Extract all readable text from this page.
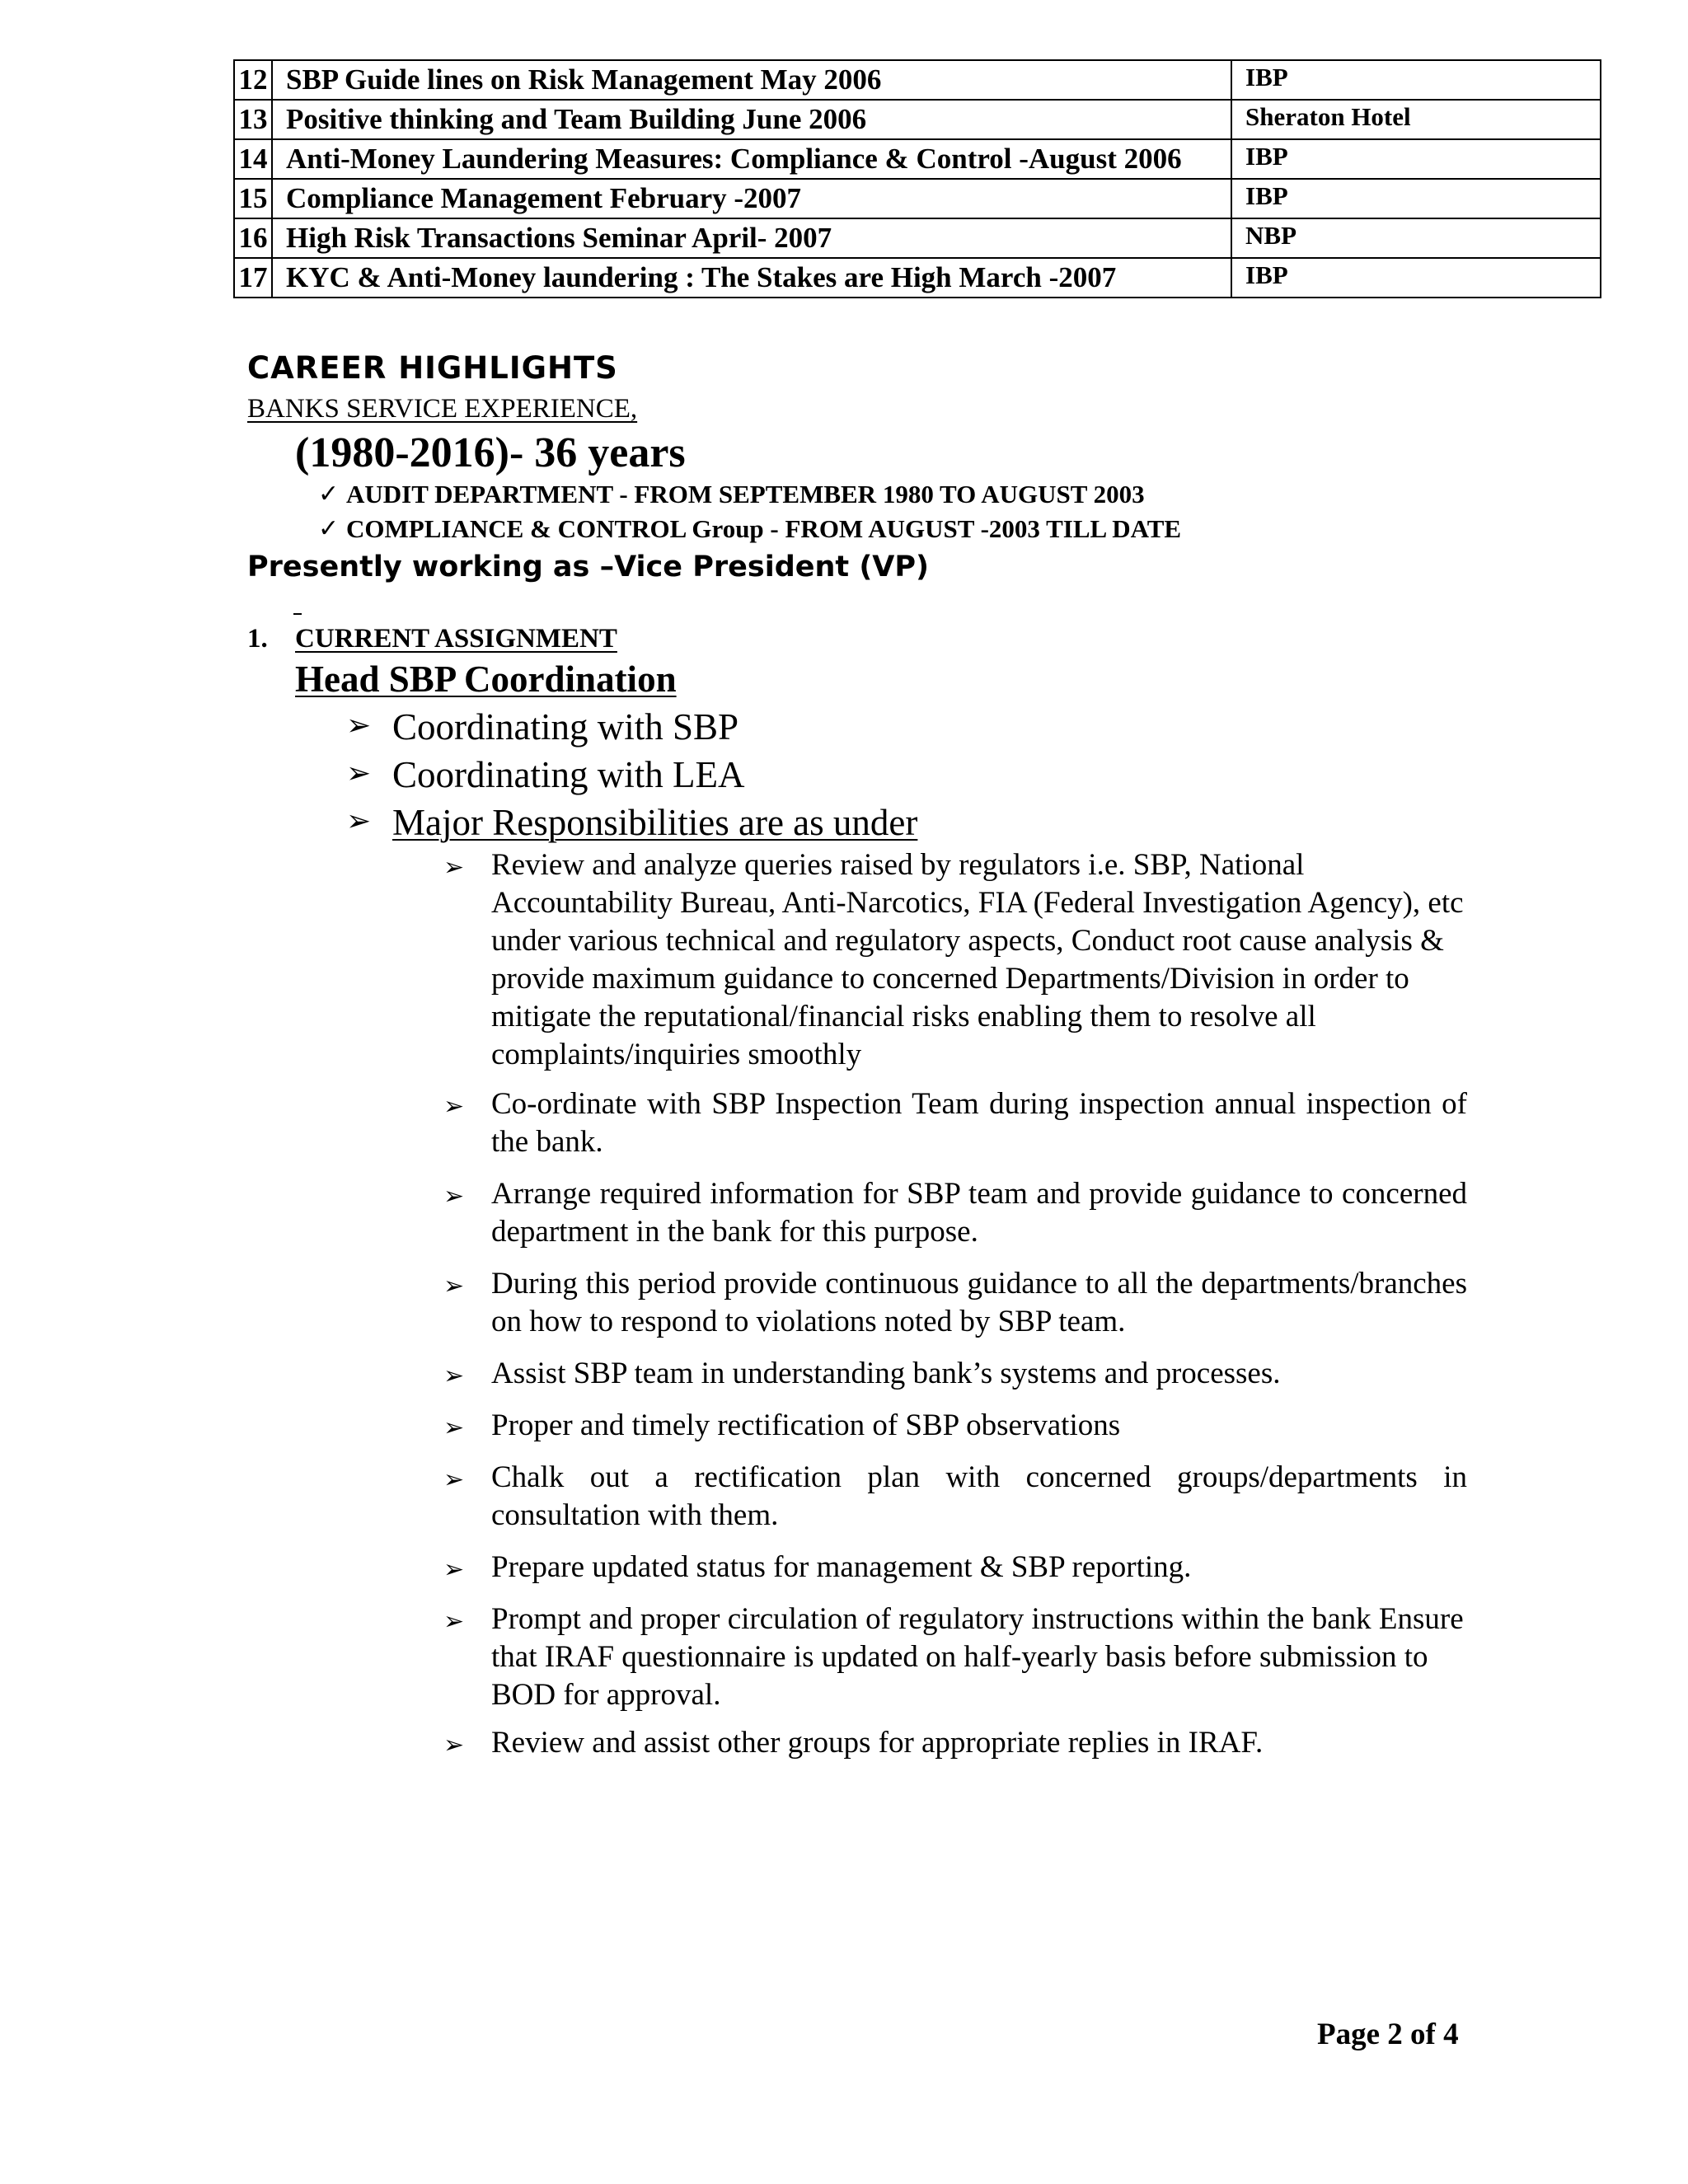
12	SBP Guide lines on Risk Management May 2006	IBP
13	Positive thinking and Team Building June 2006	Sheraton Hotel
14	Anti-Money Laundering Measures: Compliance & Control -August 2006	IBP
15	Compliance Management February -2007	IBP
16	High Risk Transactions Seminar April- 2007	NBP
17	KYC & Anti-Money laundering : The Stakes are High March -2007	IBP
CAREER HIGHLIGHTS
BANKS SERVICE EXPERIENCE,
(1980-2016)- 36 years
✓ AUDIT DEPARTMENT - FROM SEPTEMBER 1980 TO AUGUST 2003
✓ COMPLIANCE & CONTROL Group - FROM AUGUST -2003 TILL DATE
Presently working as –Vice President (VP)
1. CURRENT ASSIGNMENT
Head SBP Coordination
➢ Coordinating with SBP
➢ Coordinating with LEA
➢ Major Responsibilities are as under
➢ Review and analyze queries raised by regulators i.e. SBP, National Accountability Bureau, Anti-Narcotics, FIA (Federal Investigation Agency), etc under various technical and regulatory aspects, Conduct root cause analysis & provide maximum guidance to concerned Departments/Division in order to mitigate the reputational/financial risks enabling them to resolve all complaints/inquiries smoothly
➢ Co-ordinate with SBP Inspection Team during inspection annual inspection of the bank.
➢ Arrange required information for SBP team and provide guidance to concerned department in the bank for this purpose.
➢ During this period provide continuous guidance to all the departments/branches on how to respond to violations noted by SBP team.
➢ Assist SBP team in understanding bank’s systems and processes.
➢ Proper and timely rectification of SBP observations
➢ Chalk out a rectification plan with concerned groups/departments in consultation with them.
➢ Prepare updated status for management & SBP reporting.
➢ Prompt and proper circulation of regulatory instructions within the bank Ensure that IRAF questionnaire is updated on half-yearly basis before submission to BOD for approval.
➢ Review and assist other groups for appropriate replies in IRAF.
Page 2 of 4
